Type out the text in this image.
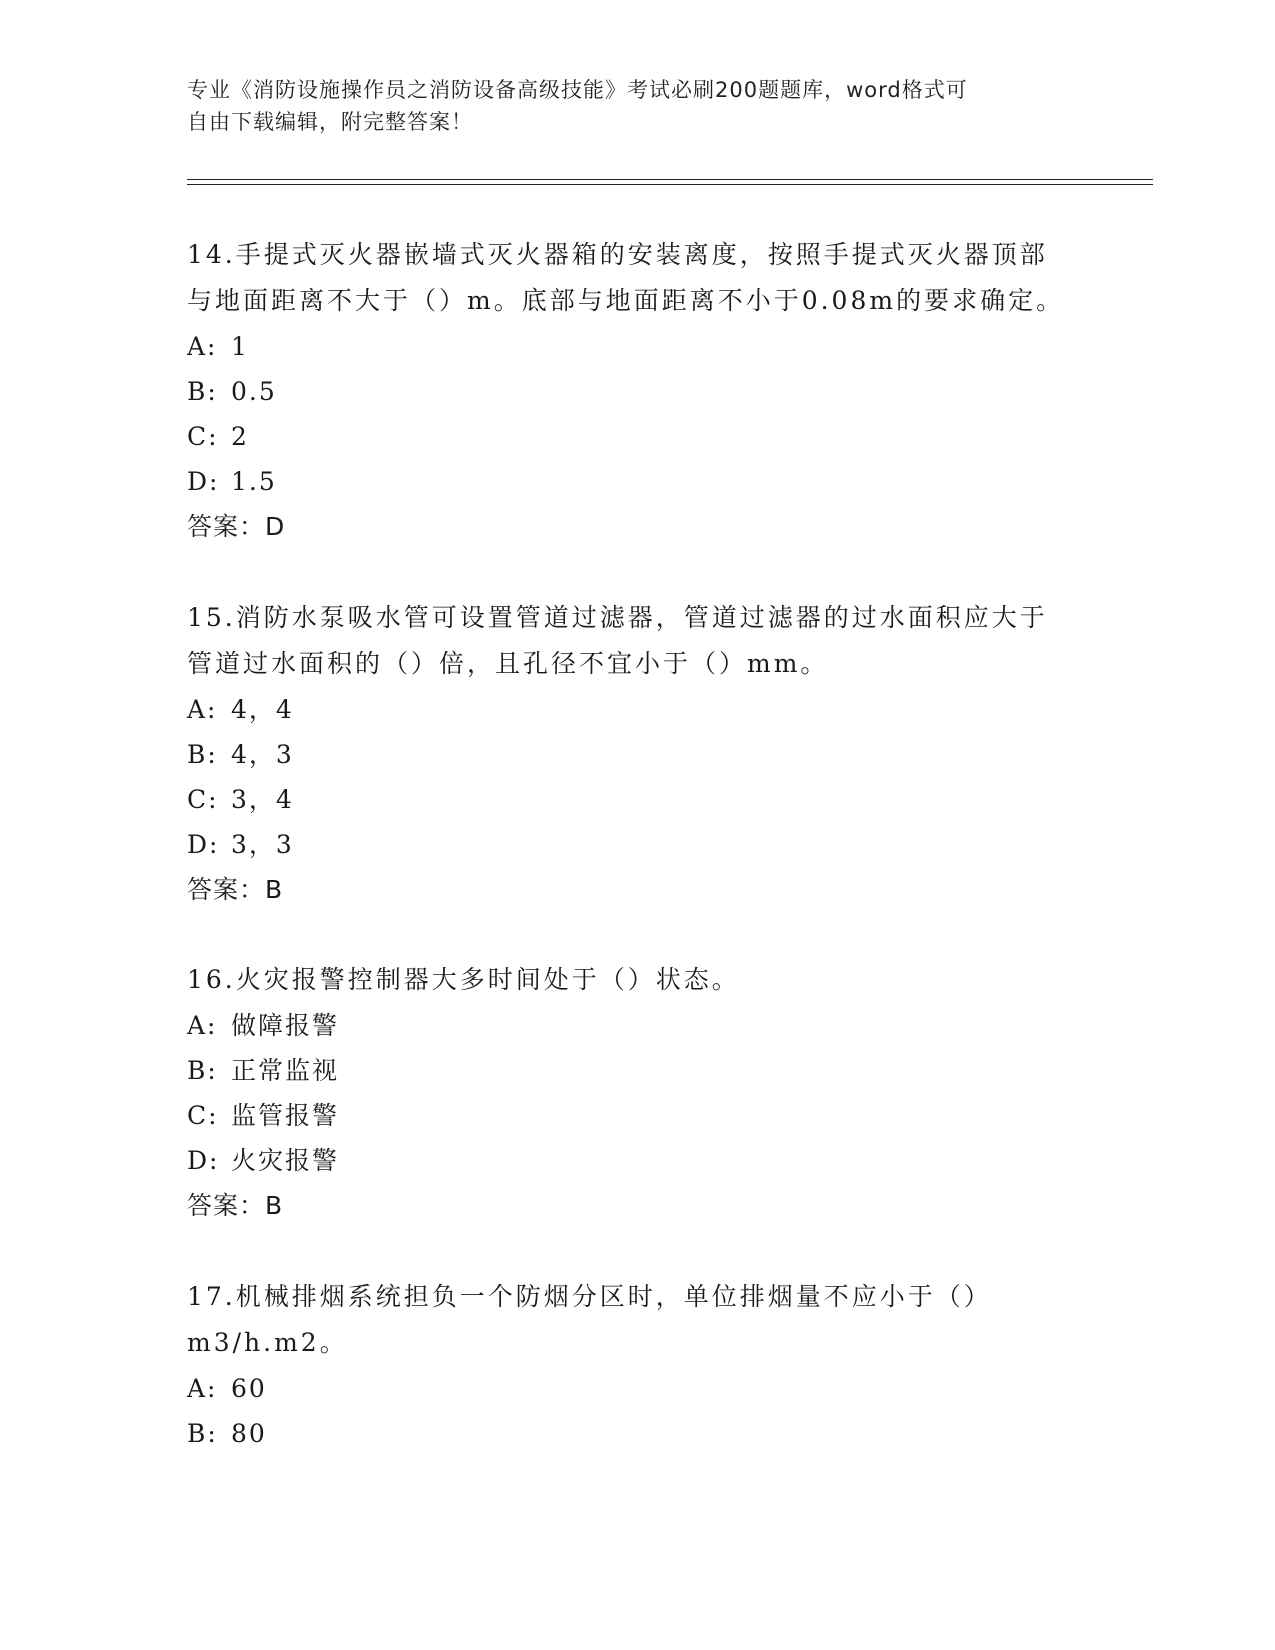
专业《消防设施操作员之消防设备高级技能》考试必刷200题题库，word格式可
自由下载编辑，附完整答案！
14.手提式灭火器嵌墙式灭火器箱的安装离度，按照手提式灭火器顶部
与地面距离不大于（）m。底部与地面距离不小于0.08m的要求确定。
A: 1
B: 0.5
C: 2
D: 1.5
答案：D
15.消防水泵吸水管可设置管道过滤器，管道过滤器的过水面积应大于
管道过水面积的（）倍，且孔径不宜小于（）mm。
A: 4，4
B: 4，3
C: 3，4
D: 3，3
答案：B
16.火灾报警控制器大多时间处于（）状态。
A: 做障报警
B: 正常监视
C: 监管报警
D: 火灾报警
答案：B
17.机械排烟系统担负一个防烟分区时，单位排烟量不应小于（）
m3/h.m2。
A: 60
B: 80
